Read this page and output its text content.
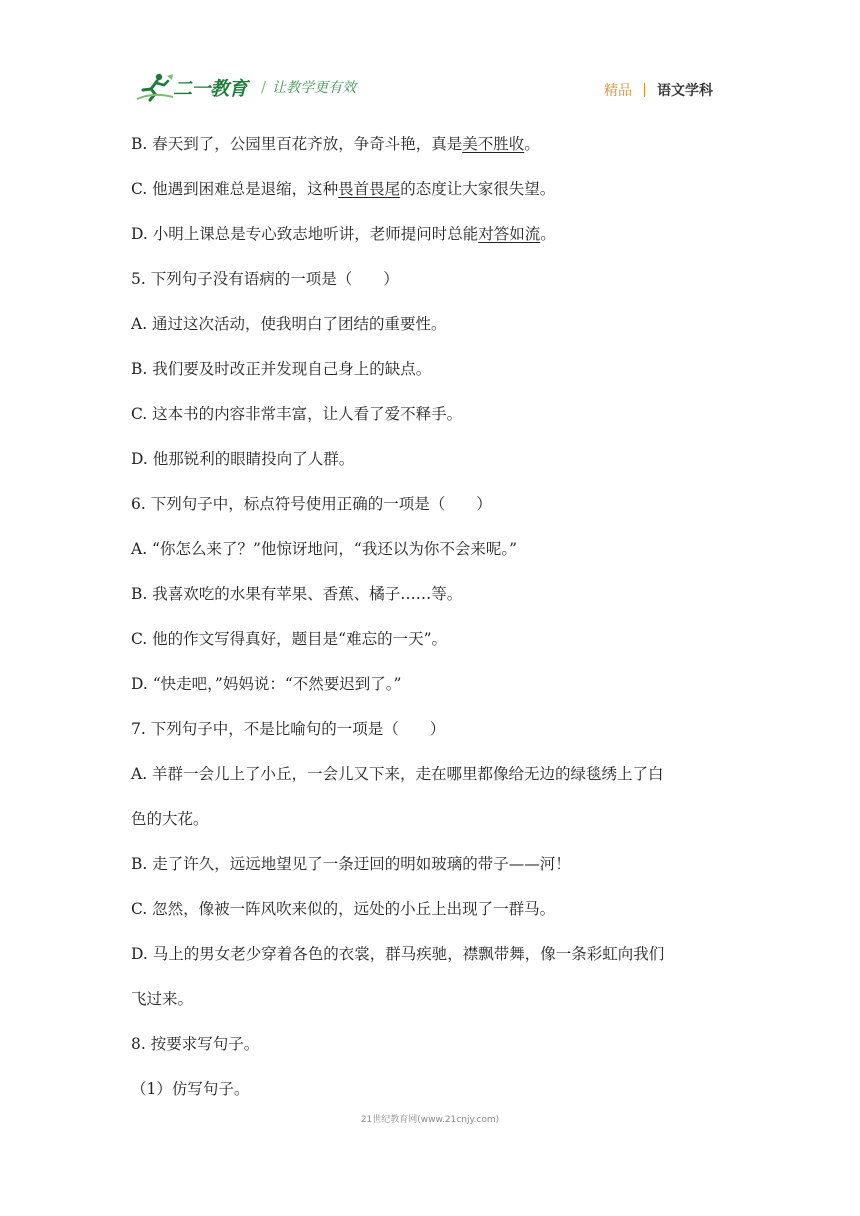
二一教育 / 让教学更有效	精品 语文学科
B. 春天到了，公园里百花齐放，争奇斗艳，真是美不胜收。
C. 他遇到困难总是退缩，这种畏首畏尾的态度让大家很失望。
D. 小明上课总是专心致志地听讲，老师提问时总能对答如流。
5. 下列句子没有语病的一项是（　　）
A. 通过这次活动，使我明白了团结的重要性。
B. 我们要及时改正并发现自己身上的缺点。
C. 这本书的内容非常丰富，让人看了爱不释手。
D. 他那锐利的眼睛投向了人群。
6. 下列句子中，标点符号使用正确的一项是（　　）
A. “你怎么来了？”他惊讶地问，“我还以为你不会来呢。”
B. 我喜欢吃的水果有苹果、香蕉、橘子……等。
C. 他的作文写得真好，题目是“难忘的一天”。
D. “快走吧，”妈妈说：“不然要迟到了。”
7. 下列句子中，不是比喻句的一项是（　　）
A. 羊群一会儿上了小丘，一会儿又下来，走在哪里都像给无边的绿毯绣上了白
色的大花。
B. 走了许久，远远地望见了一条迂回的明如玻璃的带子——河！
C. 忽然，像被一阵风吹来似的，远处的小丘上出现了一群马。
D. 马上的男女老少穿着各色的衣裳，群马疾驰，襟飘带舞，像一条彩虹向我们
飞过来。
8. 按要求写句子。
（1）仿写句子。
21世纪教育网(www.21cnjy.com)
